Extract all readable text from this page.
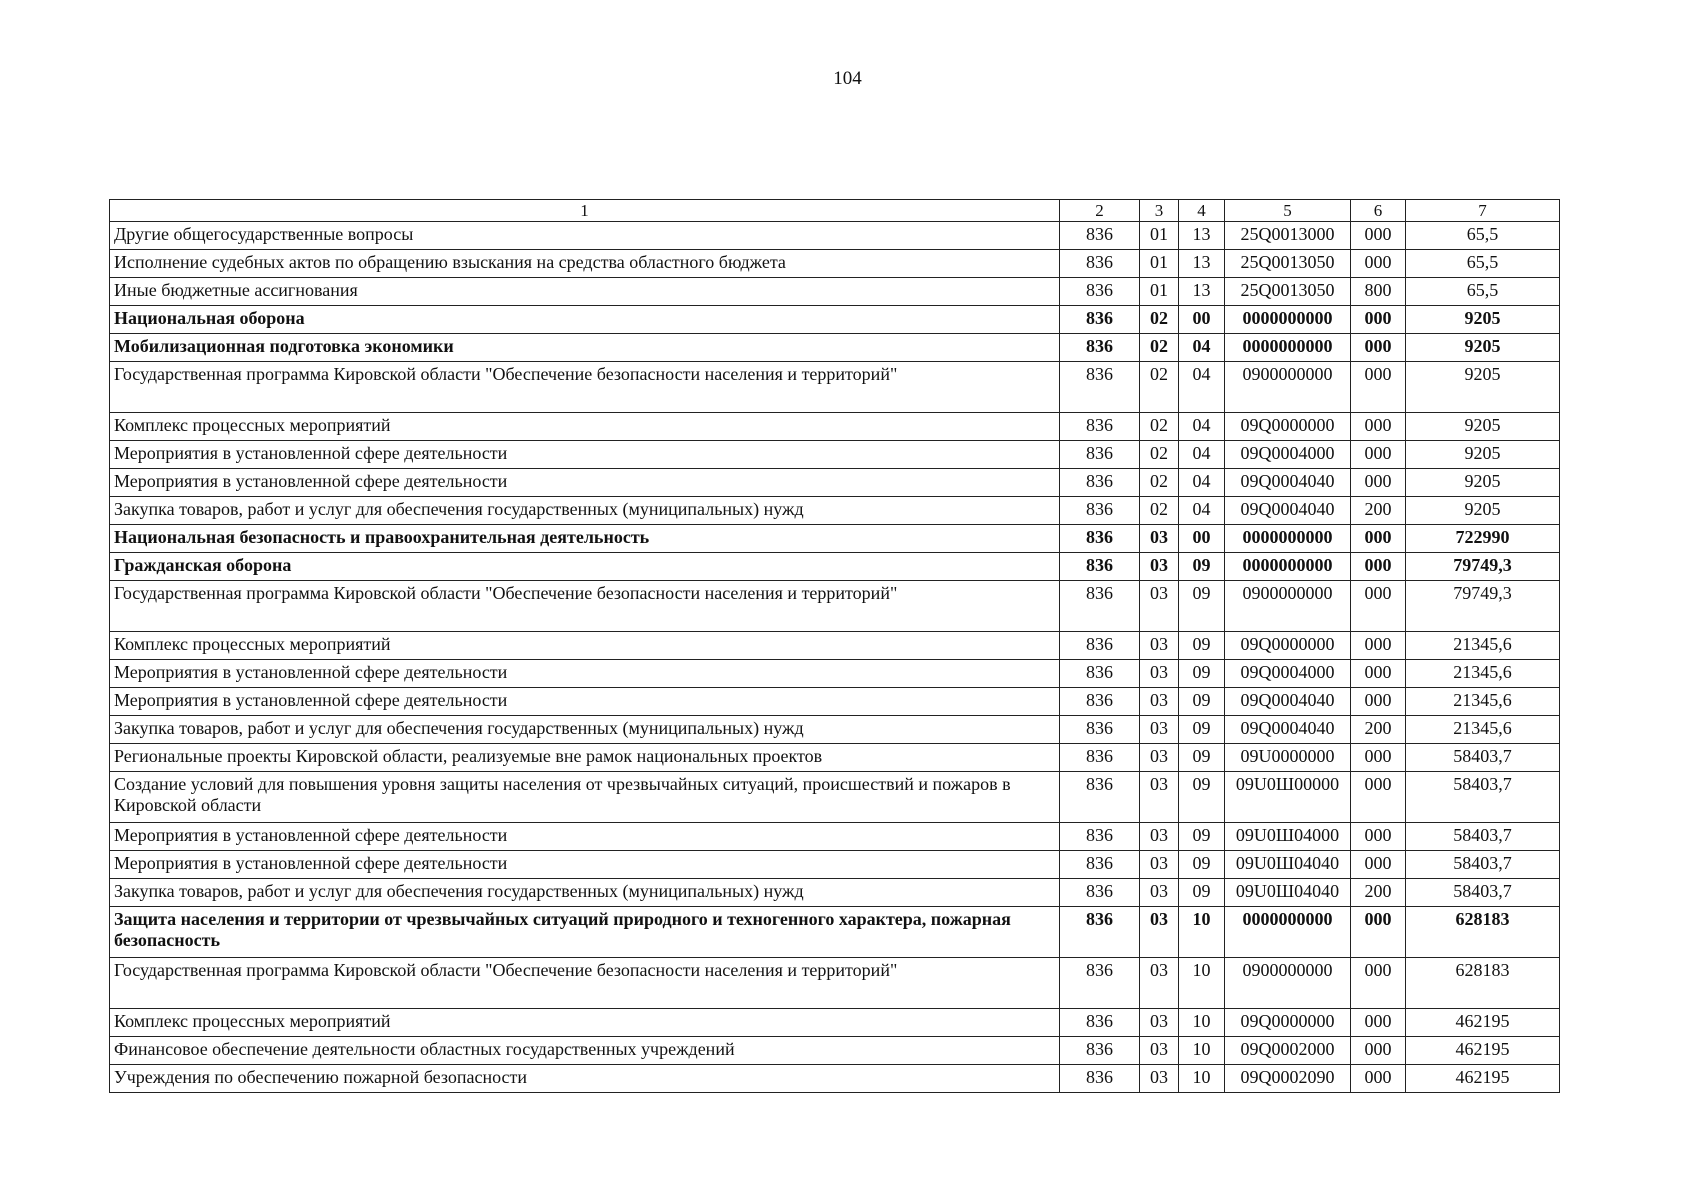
104
1	2	3	4	5	6	7
Другие общегосударственные вопросы	836	01	13	25Q0013000	000	65,5
Исполнение судебных актов по обращению взыскания на средства областного бюджета	836	01	13	25Q0013050	000	65,5
Иные бюджетные ассигнования	836	01	13	25Q0013050	800	65,5
Национальная оборона	836	02	00	0000000000	000	9205
Мобилизационная подготовка экономики	836	02	04	0000000000	000	9205
Государственная программа Кировской области "Обеспечение безопасности населения и территорий"	836	02	04	0900000000	000	9205
Комплекс процессных мероприятий	836	02	04	09Q0000000	000	9205
Мероприятия в установленной сфере деятельности	836	02	04	09Q0004000	000	9205
Мероприятия в установленной сфере деятельности	836	02	04	09Q0004040	000	9205
Закупка товаров, работ и услуг для обеспечения государственных (муниципальных) нужд	836	02	04	09Q0004040	200	9205
Национальная безопасность и правоохранительная деятельность	836	03	00	0000000000	000	722990
Гражданская оборона	836	03	09	0000000000	000	79749,3
Государственная программа Кировской области "Обеспечение безопасности населения и территорий"	836	03	09	0900000000	000	79749,3
Комплекс процессных мероприятий	836	03	09	09Q0000000	000	21345,6
Мероприятия в установленной сфере деятельности	836	03	09	09Q0004000	000	21345,6
Мероприятия в установленной сфере деятельности	836	03	09	09Q0004040	000	21345,6
Закупка товаров, работ и услуг для обеспечения государственных (муниципальных) нужд	836	03	09	09Q0004040	200	21345,6
Региональные проекты Кировской области, реализуемые вне рамок национальных проектов	836	03	09	09U0000000	000	58403,7
Создание условий для повышения уровня защиты населения от чрезвычайных ситуаций, происшествий и пожаров в Кировской области	836	03	09	09U0Ш00000	000	58403,7
Мероприятия в установленной сфере деятельности	836	03	09	09U0Ш04000	000	58403,7
Мероприятия в установленной сфере деятельности	836	03	09	09U0Ш04040	000	58403,7
Закупка товаров, работ и услуг для обеспечения государственных (муниципальных) нужд	836	03	09	09U0Ш04040	200	58403,7
Защита населения и территории от чрезвычайных ситуаций природного и техногенного характера, пожарная безопасность	836	03	10	0000000000	000	628183
Государственная программа Кировской области "Обеспечение безопасности населения и территорий"	836	03	10	0900000000	000	628183
Комплекс процессных мероприятий	836	03	10	09Q0000000	000	462195
Финансовое обеспечение деятельности областных государственных учреждений	836	03	10	09Q0002000	000	462195
Учреждения по обеспечению пожарной безопасности	836	03	10	09Q0002090	000	462195
